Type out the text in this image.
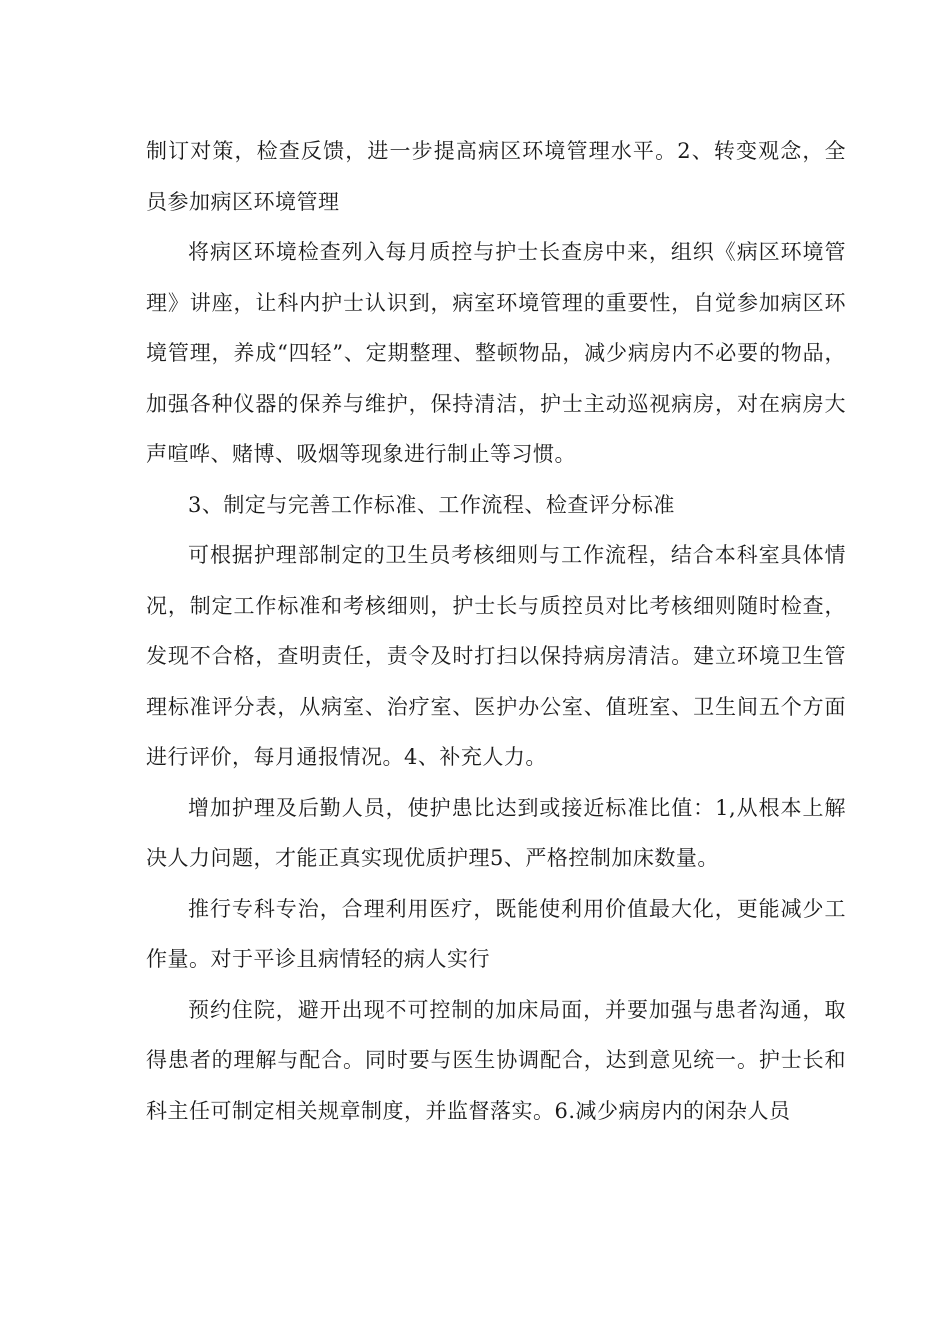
制订对策，检查反馈，进一步提高病区环境管理水平。2、转变观念，全员参加病区环境管理

将病区环境检查列入每月质控与护士长查房中来，组织《病区环境管理》讲座，让科内护士认识到，病室环境管理的重要性，自觉参加病区环境管理，养成“四轻”、定期整理、整顿物品，减少病房内不必要的物品，加强各种仪器的保养与维护，保持清洁，护士主动巡视病房，对在病房大声喧哗、赌博、吸烟等现象进行制止等习惯。

3、制定与完善工作标准、工作流程、检查评分标准

可根据护理部制定的卫生员考核细则与工作流程，结合本科室具体情况，制定工作标准和考核细则，护士长与质控员对比考核细则随时检查，发现不合格，查明责任，责令及时打扫以保持病房清洁。建立环境卫生管理标准评分表，从病室、治疗室、医护办公室、值班室、卫生间五个方面进行评价，每月通报情况。4、补充人力。

增加护理及后勤人员，使护患比达到或接近标准比值：1,从根本上解决人力问题，才能正真实现优质护理5、严格控制加床数量。

推行专科专治，合理利用医疗，既能使利用价值最大化，更能减少工作量。对于平诊且病情轻的病人实行

预约住院，避开出现不可控制的加床局面，并要加强与患者沟通，取得患者的理解与配合。同时要与医生协调配合，达到意见统一。护士长和科主任可制定相关规章制度，并监督落实。6.减少病房内的闲杂人员
